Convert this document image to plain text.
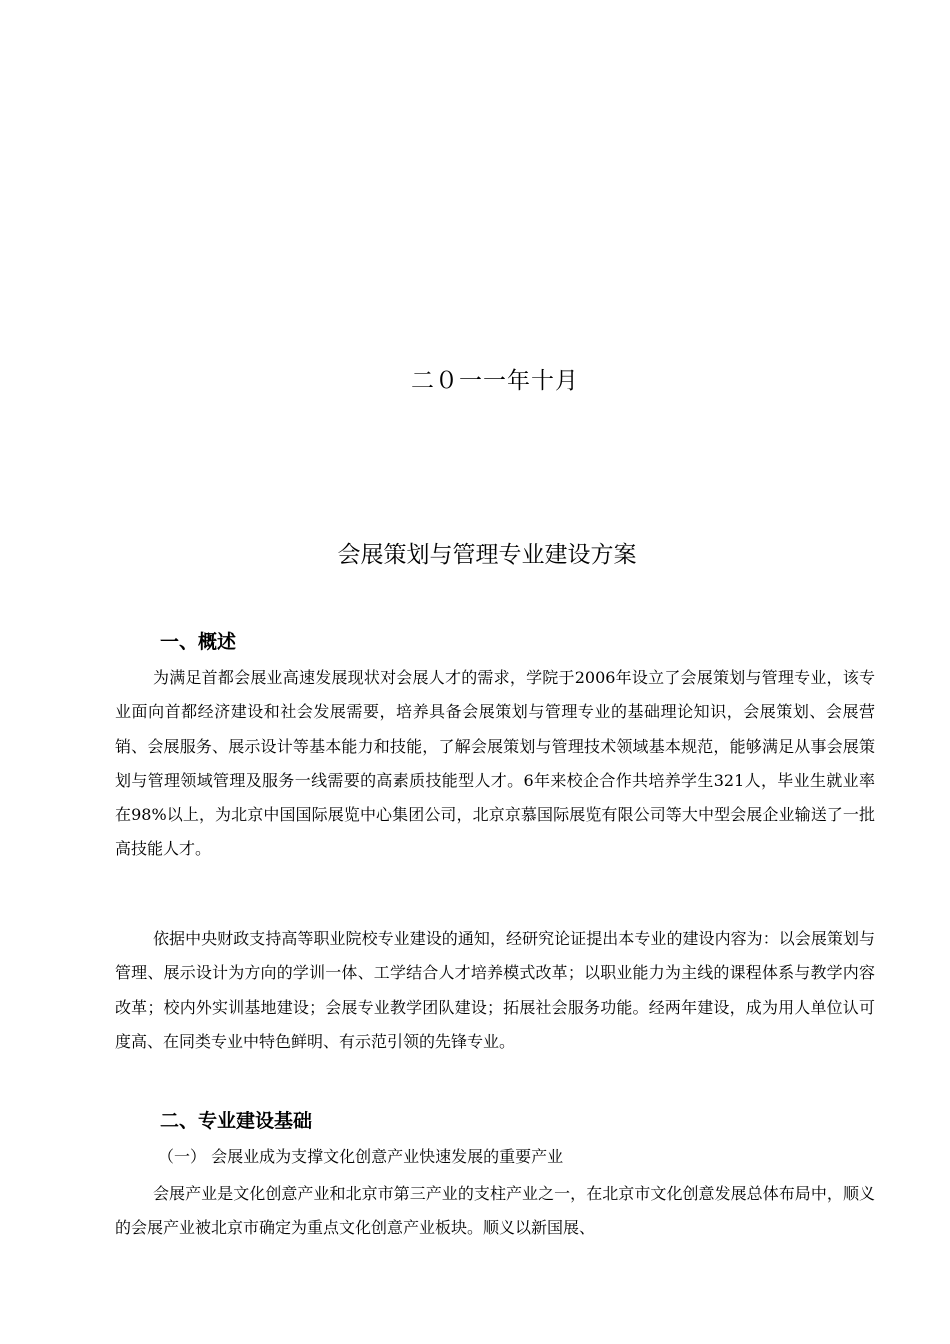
二０一一年十月
会展策划与管理专业建设方案
一、概述

为满足首都会展业高速发展现状对会展人才的需求，学院于2006年设立了会展策划与管理专业，该专业面向首都经济建设和社会发展需要，培养具备会展策划与管理专业的基础理论知识，会展策划、会展营销、会展服务、展示设计等基本能力和技能，了解会展策划与管理技术领域基本规范，能够满足从事会展策划与管理领域管理及服务一线需要的高素质技能型人才。6年来校企合作共培养学生321人，毕业生就业率在98%以上，为北京中国国际展览中心集团公司，北京京慕国际展览有限公司等大中型会展企业输送了一批高技能人才。

依据中央财政支持高等职业院校专业建设的通知，经研究论证提出本专业的建设内容为：以会展策划与管理、展示设计为方向的学训一体、工学结合人才培养模式改革；以职业能力为主线的课程体系与教学内容改革；校内外实训基地建设；会展专业教学团队建设；拓展社会服务功能。经两年建设，成为用人单位认可度高、在同类专业中特色鲜明、有示范引领的先锋专业。

二、专业建设基础
（一） 会展业成为支撑文化创意产业快速发展的重要产业

会展产业是文化创意产业和北京市第三产业的支柱产业之一，在北京市文化创意发展总体布局中，顺义的会展产业被北京市确定为重点文化创意产业板块。顺义以新国展、
